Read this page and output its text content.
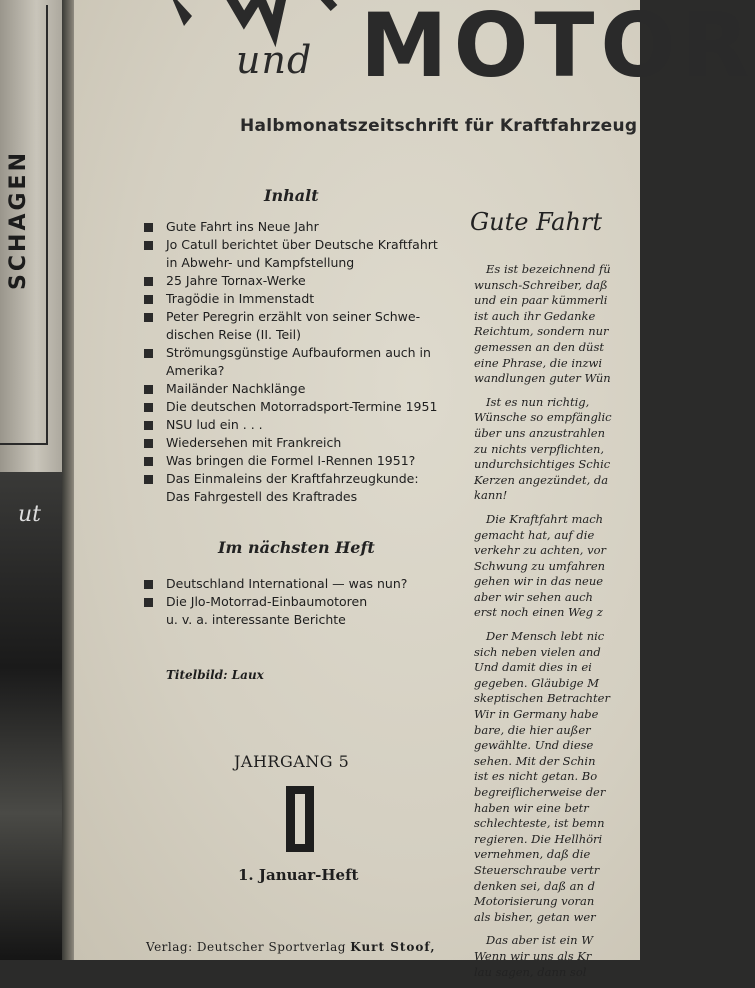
SCHAGEN
ut
und MOTOR
Halbmonatszeitschrift für Kraftfahrzeug
Inhalt
Gute Fahrt ins Neue Jahr
Jo Catull berichtet über Deutsche Kraftfahrt
in Abwehr- und Kampfstellung
25 Jahre Tornax-Werke
Tragödie in Immenstadt
Peter Peregrin erzählt von seiner Schwe-
dischen Reise (II. Teil)
Strömungsgünstige Aufbauformen auch in
Amerika?
Mailänder Nachklänge
Die deutschen Motorradsport-Termine 1951
NSU lud ein . . .
Wiedersehen mit Frankreich
Was bringen die Formel I-Rennen 1951?
Das Einmaleins der Kraftfahrzeugkunde:
Das Fahrgestell des Kraftrades
Im nächsten Heft
Deutschland International — was nun?
Die Jlo-Motorrad-Einbaumotoren
u. v. a. interessante Berichte
Titelbild: Laux
JAHRGANG 5
1. Januar-Heft
Verlag: Deutscher Sportverlag Kurt Stoof,
Gute Fahrt
Es ist bezeichnend fü
wunsch-Schreiber, daß
und ein paar kümmerli
ist auch ihr Gedanke
Reichtum, sondern nur
gemessen an den düst
eine Phrase, die inzwi
wandlungen guter Wün
Ist es nun richtig,
Wünsche so empfänglic
über uns anzustrahlen
zu nichts verpflichten,
undurchsichtiges Schic
Kerzen angezündet, da
kann!
Die Kraftfahrt mach
gemacht hat, auf die
verkehr zu achten, vor
Schwung zu umfahren
gehen wir in das neue
aber wir sehen auch
erst noch einen Weg z
Der Mensch lebt nic
sich neben vielen and
Und damit dies in ei
gegeben. Gläubige M
skeptischen Betrachter
Wir in Germany habe
bare, die hier außer
gewählte. Und diese
sehen. Mit der Schin
ist es nicht getan. Bo
begreiflicherweise der
haben wir eine betr
schlechteste, ist bemn
regieren. Die Hellhöri
vernehmen, daß die
Steuerschraube vertr
denken sei, daß an d
Motorisierung voran
als bisher, getan wer
Das aber ist ein W
Wenn wir uns als Kr
lau sagen, dann sol
